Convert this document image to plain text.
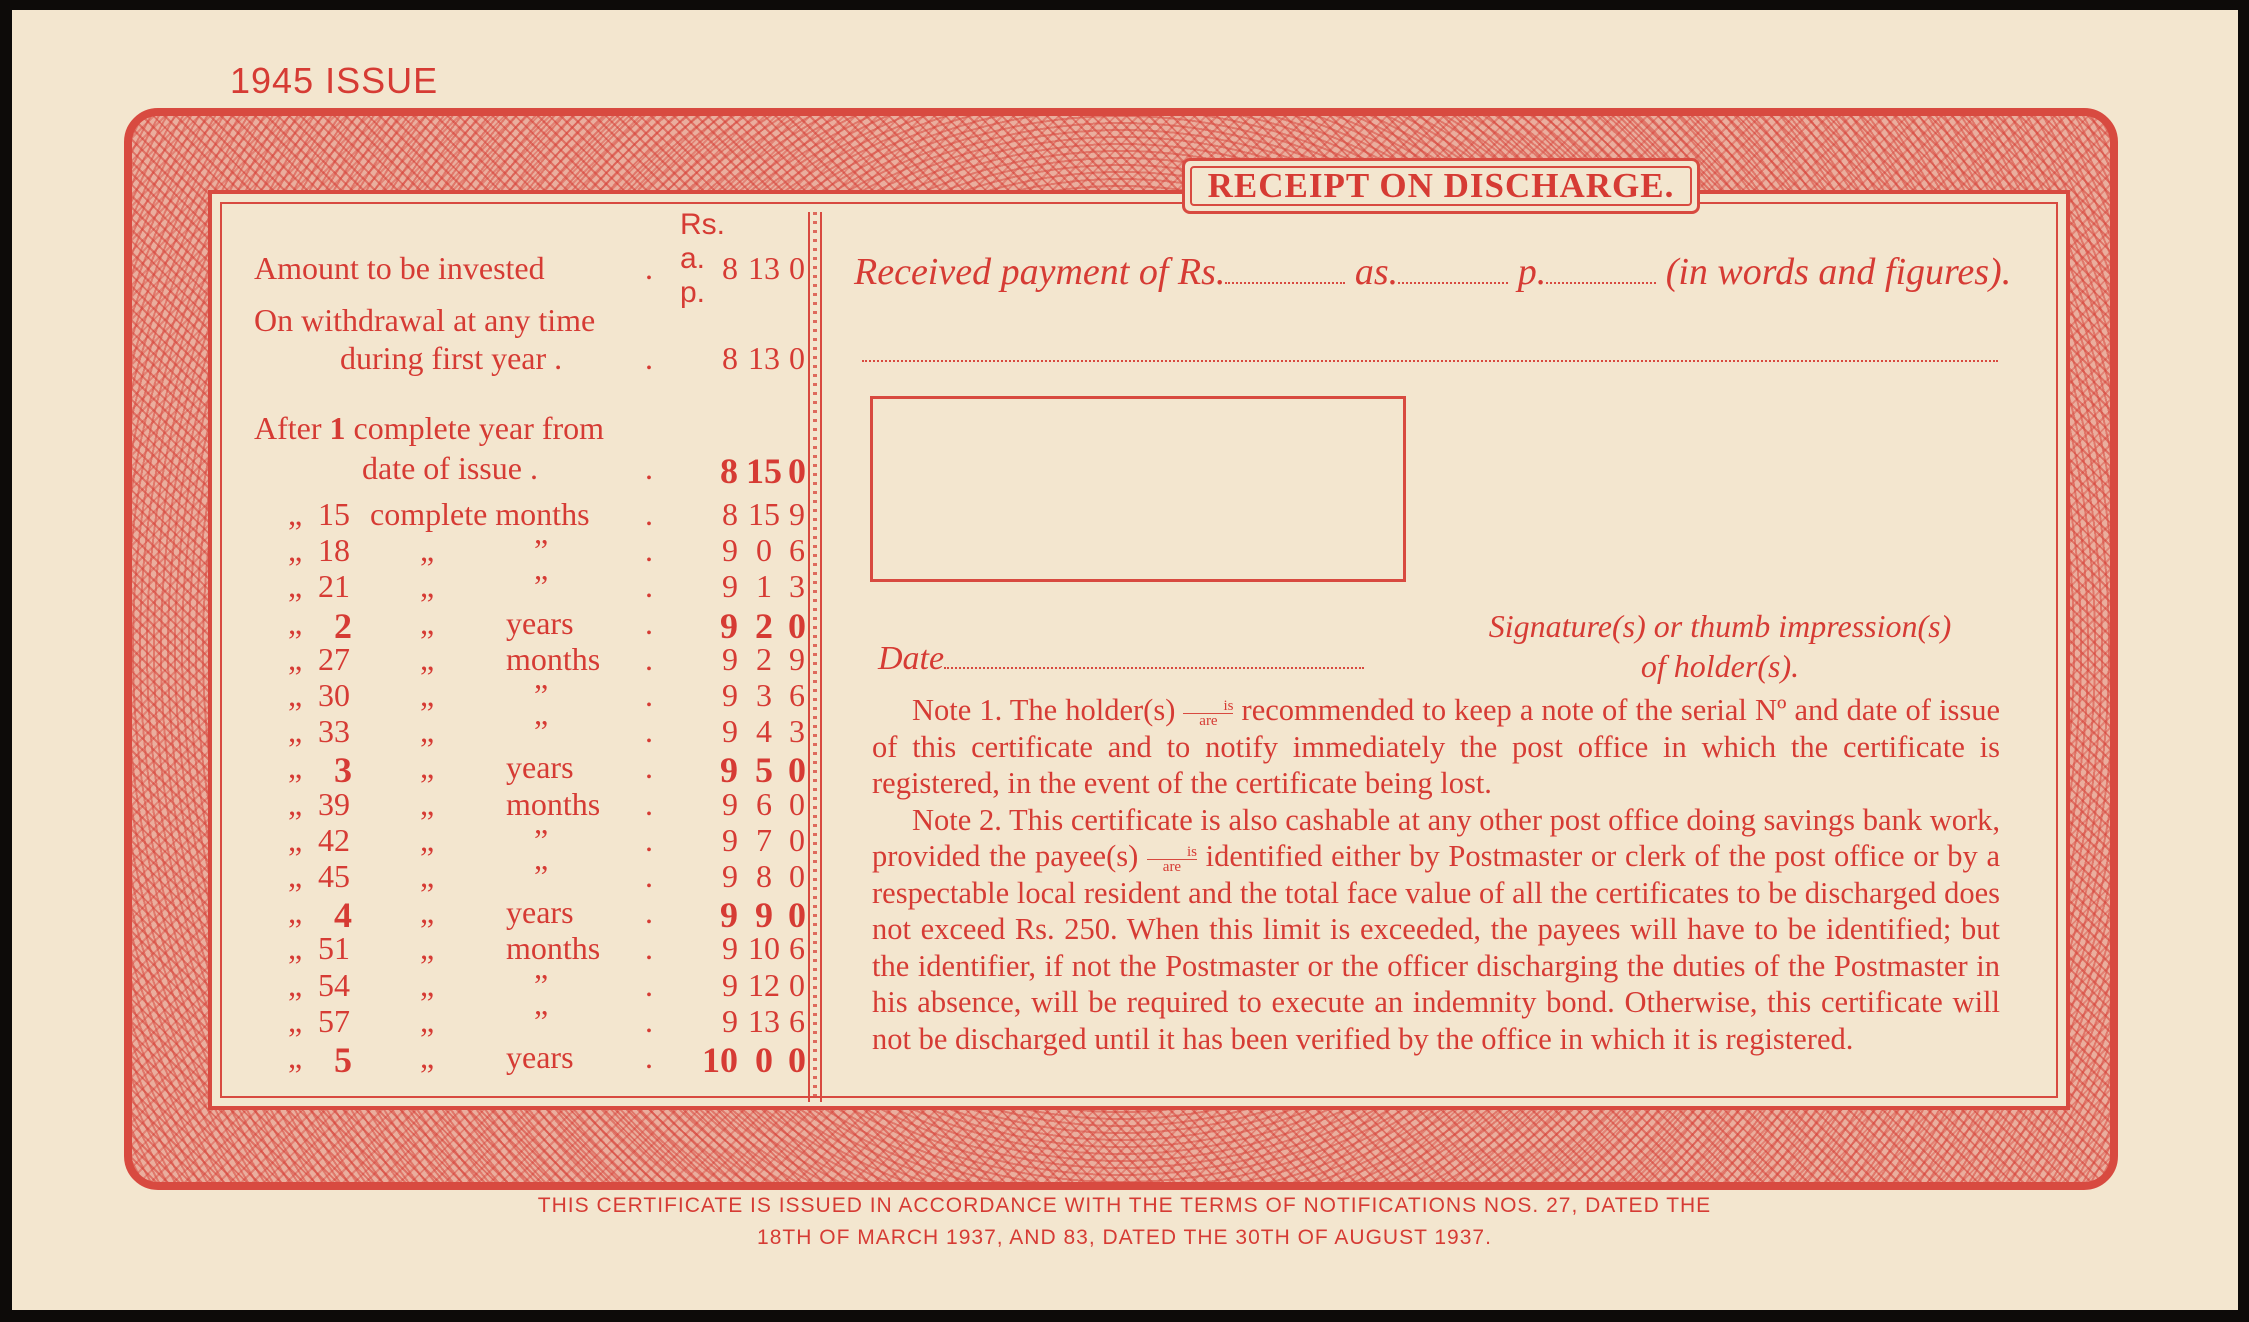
1945 ISSUE
RECEIPT ON DISCHARGE.
Rs. a. p.
Amount to be invested	.	8 13 0
On withdrawal at any time
during first year .	.	8 13 0
After 1 complete year from
date of issue .	.	8 15 0
„ 15 complete months .	8 15 9
„ 18 „	”	.	9 0 6
„ 21 „	”	.	9 1 3
„ 2 „ years .	9 2 0
„ 27 „ months .	9 2 9
„ 30 „	”	.	9 3 6
„ 33 „	”	.	9 4 3
„ 3 „ years .	9 5 0
„ 39 „ months .	9 6 0
„ 42 „	”	.	9 7 0
„ 45 „	”	.	9 8 0
„ 4 „ years .	9 9 0
„ 51 „ months .	9 10 6
„ 54 „	”	.	9 12 0
„ 57 „	”	.	9 13 6
„ 5 „ years .	10 0 0
Received payment of Rs.	as.	p.	(in words and figures).
Signature(s) or thumb impression(s)
of holder(s).
Date

Note 1. The holder(s) $\frac{is}{\text{are}}$ recommended to keep a note of the serial Nº and date of issue of this certificate and to notify immediately the post office in which the certificate is registered, in the event of the certificate being lost.

Note 2. This certificate is also cashable at any other post office doing savings bank work, provided the payee(s) $\frac{is}{\text{are}}$ identified either by Postmaster or clerk of the post office or by a respectable local resident and the total face value of all the certificates to be discharged does not exceed Rs. 250. When this limit is exceeded, the payees will have to be identified; but the identifier, if not the Postmaster or the officer discharging the duties of the Postmaster in his absence, will be required to execute an indemnity bond. Otherwise, this certificate will not be discharged until it has been verified by the office in which it is registered.

THIS CERTIFICATE IS ISSUED IN ACCORDANCE WITH THE TERMS OF NOTIFICATIONS NOS. 27, DATED THE
18TH OF MARCH 1937, AND 83, DATED THE 30TH OF AUGUST 1937.
